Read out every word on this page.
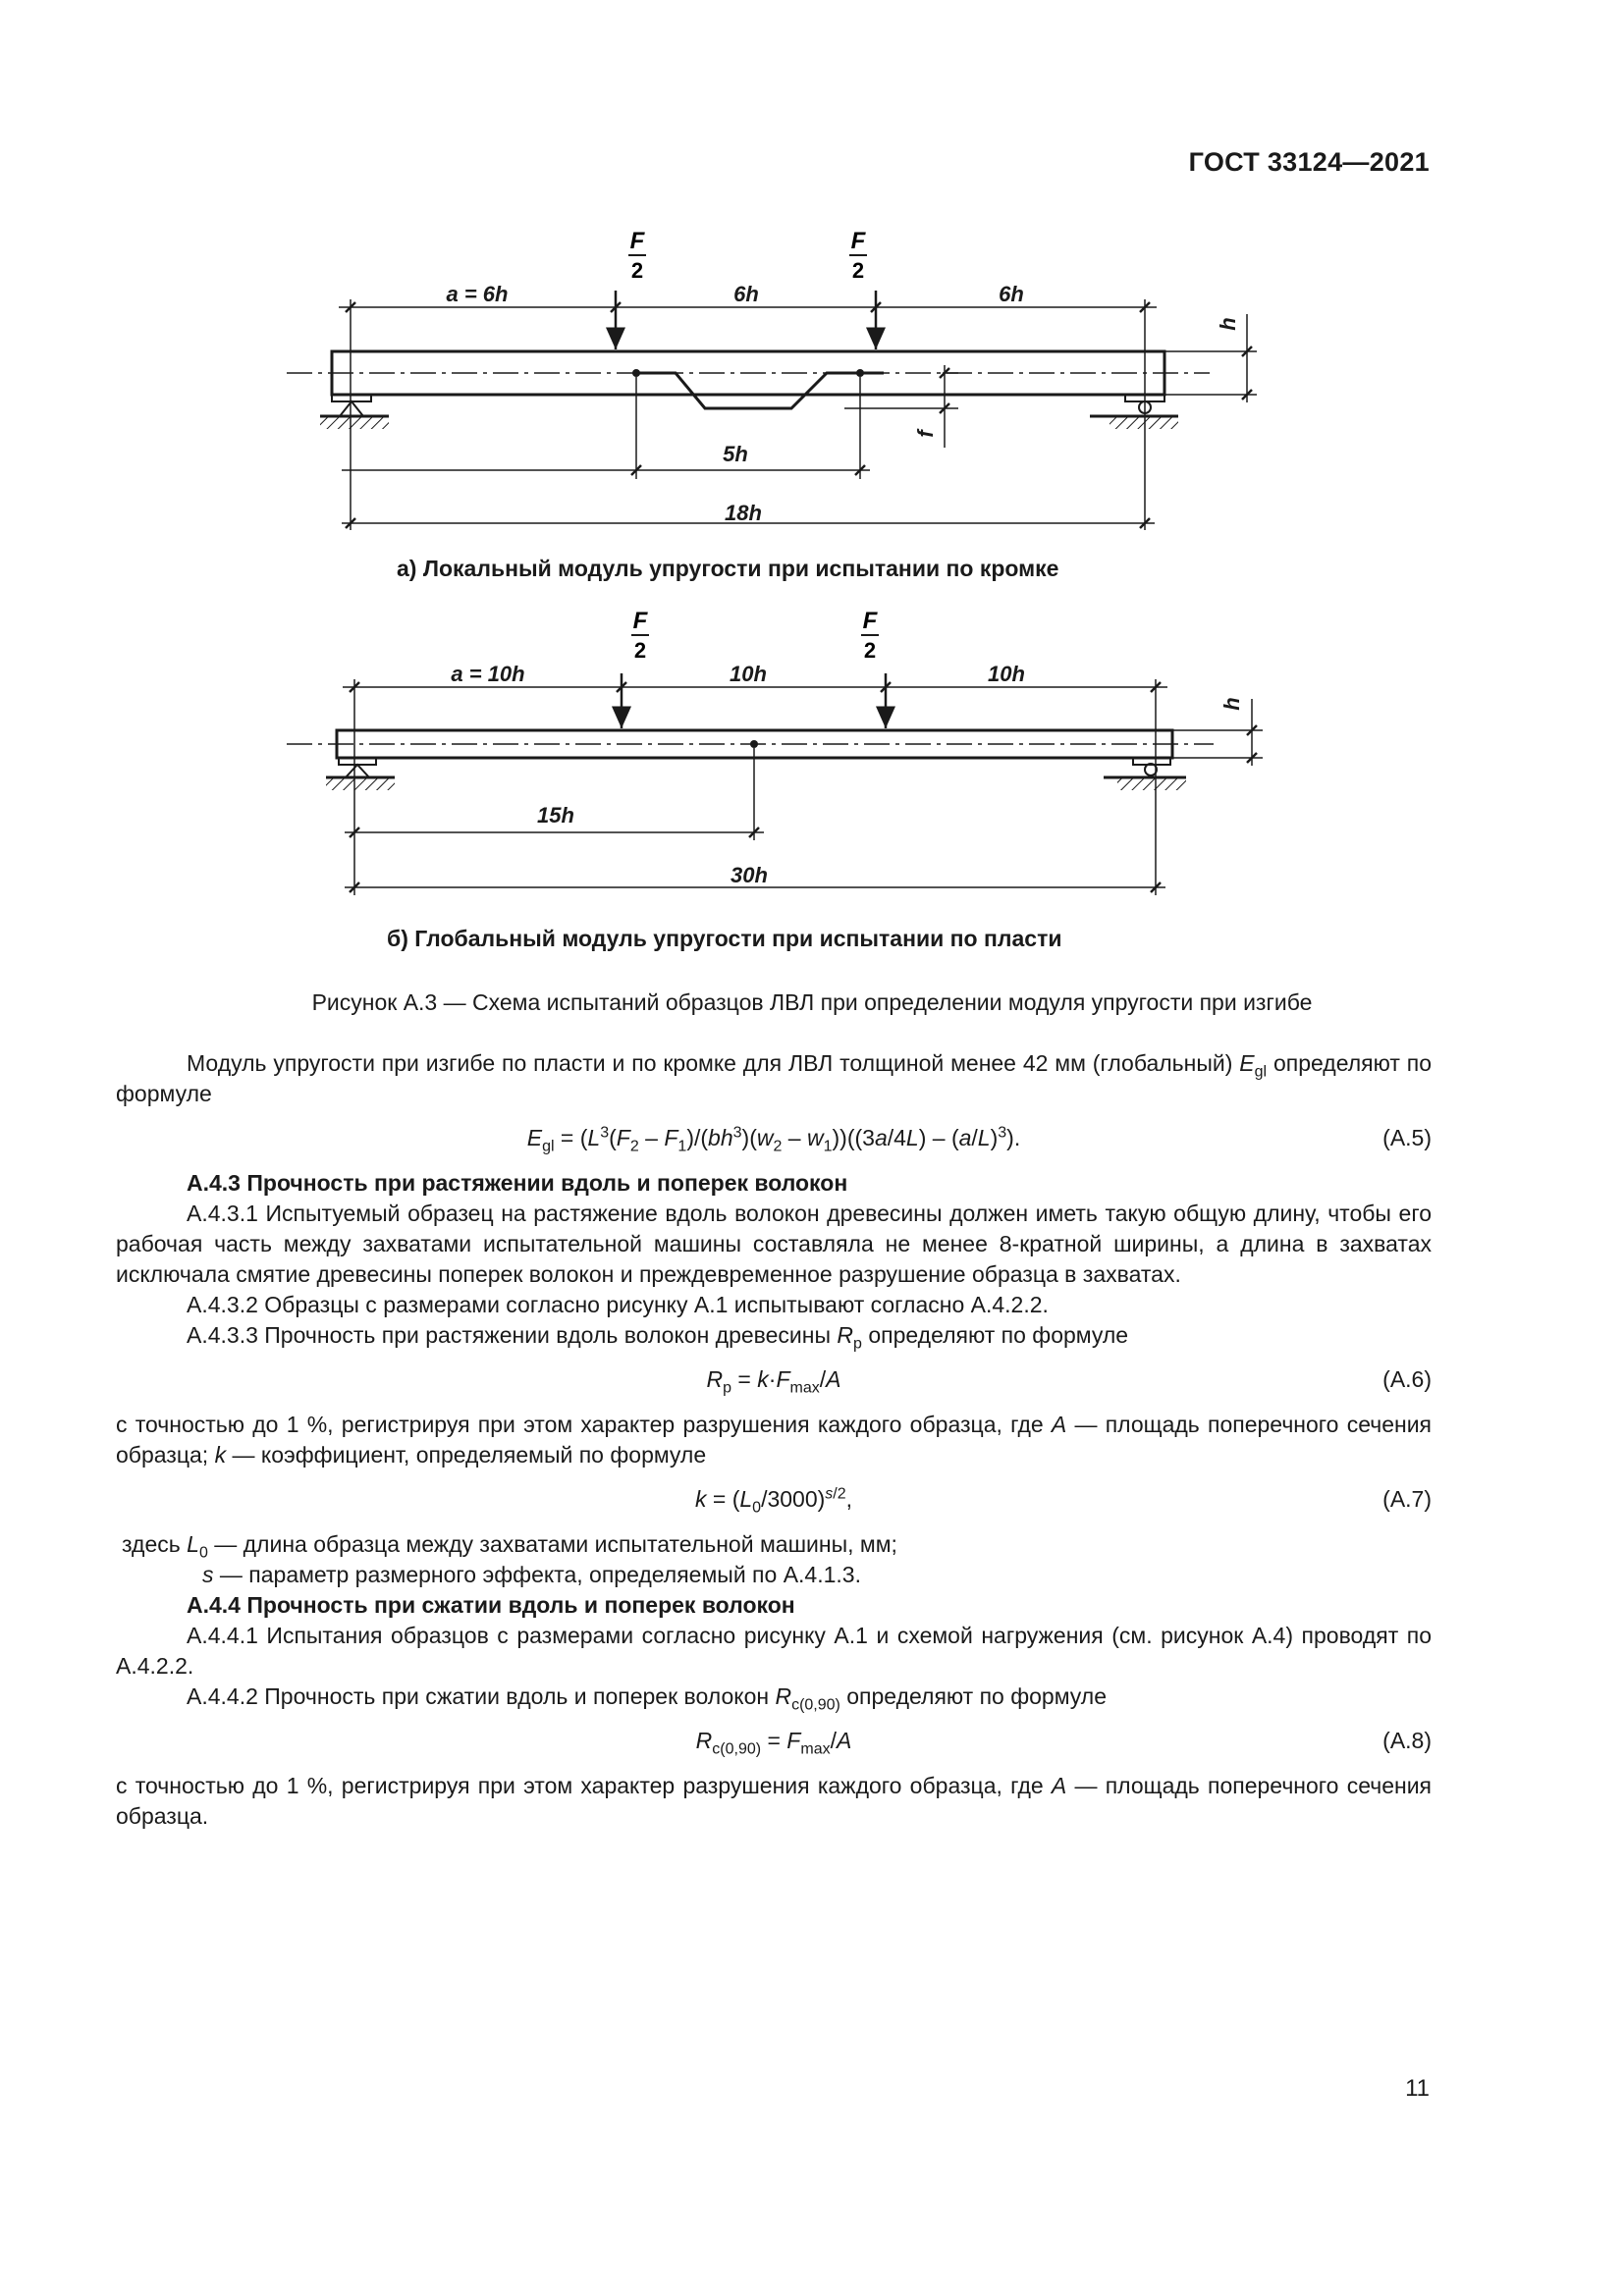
ГОСТ 33124—2021
F
2
F
2
a = 6h	6h	6h
5h
18h
h
f
а) Локальный модуль упругости при испытании по кромке
F
2
F
2
a = 10h	10h	10h
15h
30h
h
б) Глобальный модуль упругости при испытании по пласти
Рисунок А.3 — Схема испытаний образцов ЛВЛ при определении модуля упругости при изгибе

Модуль упругости при изгибе по пласти и по кромке для ЛВЛ толщиной менее 42 мм (глобальный) $E_{gl}$ определяют по формуле

$E_{gl} = (L^3(F_2 - F_1)/(bh^3)(w_2 - w_1))((3a/4L) - (a/L)^3)$.	(А.5)

А.4.3 Прочность при растяжении вдоль и поперек волокон

А.4.3.1 Испытуемый образец на растяжение вдоль волокон древесины должен иметь такую общую длину, чтобы его рабочая часть между захватами испытательной машины составляла не менее 8-кратной ширины, а длина в захватах исключала смятие древесины поперек волокон и преждевременное разрушение образца в захватах.

А.4.3.2 Образцы с размерами согласно рисунку А.1 испытывают согласно А.4.2.2.

А.4.3.3 Прочность при растяжении вдоль волокон древесины $R_p$ определяют по формуле

$R_p = k\cdot F_{max}/A$	(А.6)

с точностью до 1 %, регистрируя при этом характер разрушения каждого образца, где A — площадь поперечного сечения образца; k — коэффициент, определяемый по формуле

$k = (L_0/3000)^{s/2}$,	(А.7)
здесь $L_0$ — длина образца между захватами испытательной машины, мм;
s — параметр размерного эффекта, определяемый по А.4.1.3.

А.4.4 Прочность при сжатии вдоль и поперек волокон

А.4.4.1 Испытания образцов с размерами согласно рисунку А.1 и схемой нагружения (см. рисунок А.4) проводят по А.4.2.2.

А.4.4.2 Прочность при сжатии вдоль и поперек волокон $R_{c(0,90)}$ определяют по формуле

$R_{c(0,90)} = F_{max}/A$	(А.8)

с точностью до 1 %, регистрируя при этом характер разрушения каждого образца, где A — площадь поперечного сечения образца.

11
